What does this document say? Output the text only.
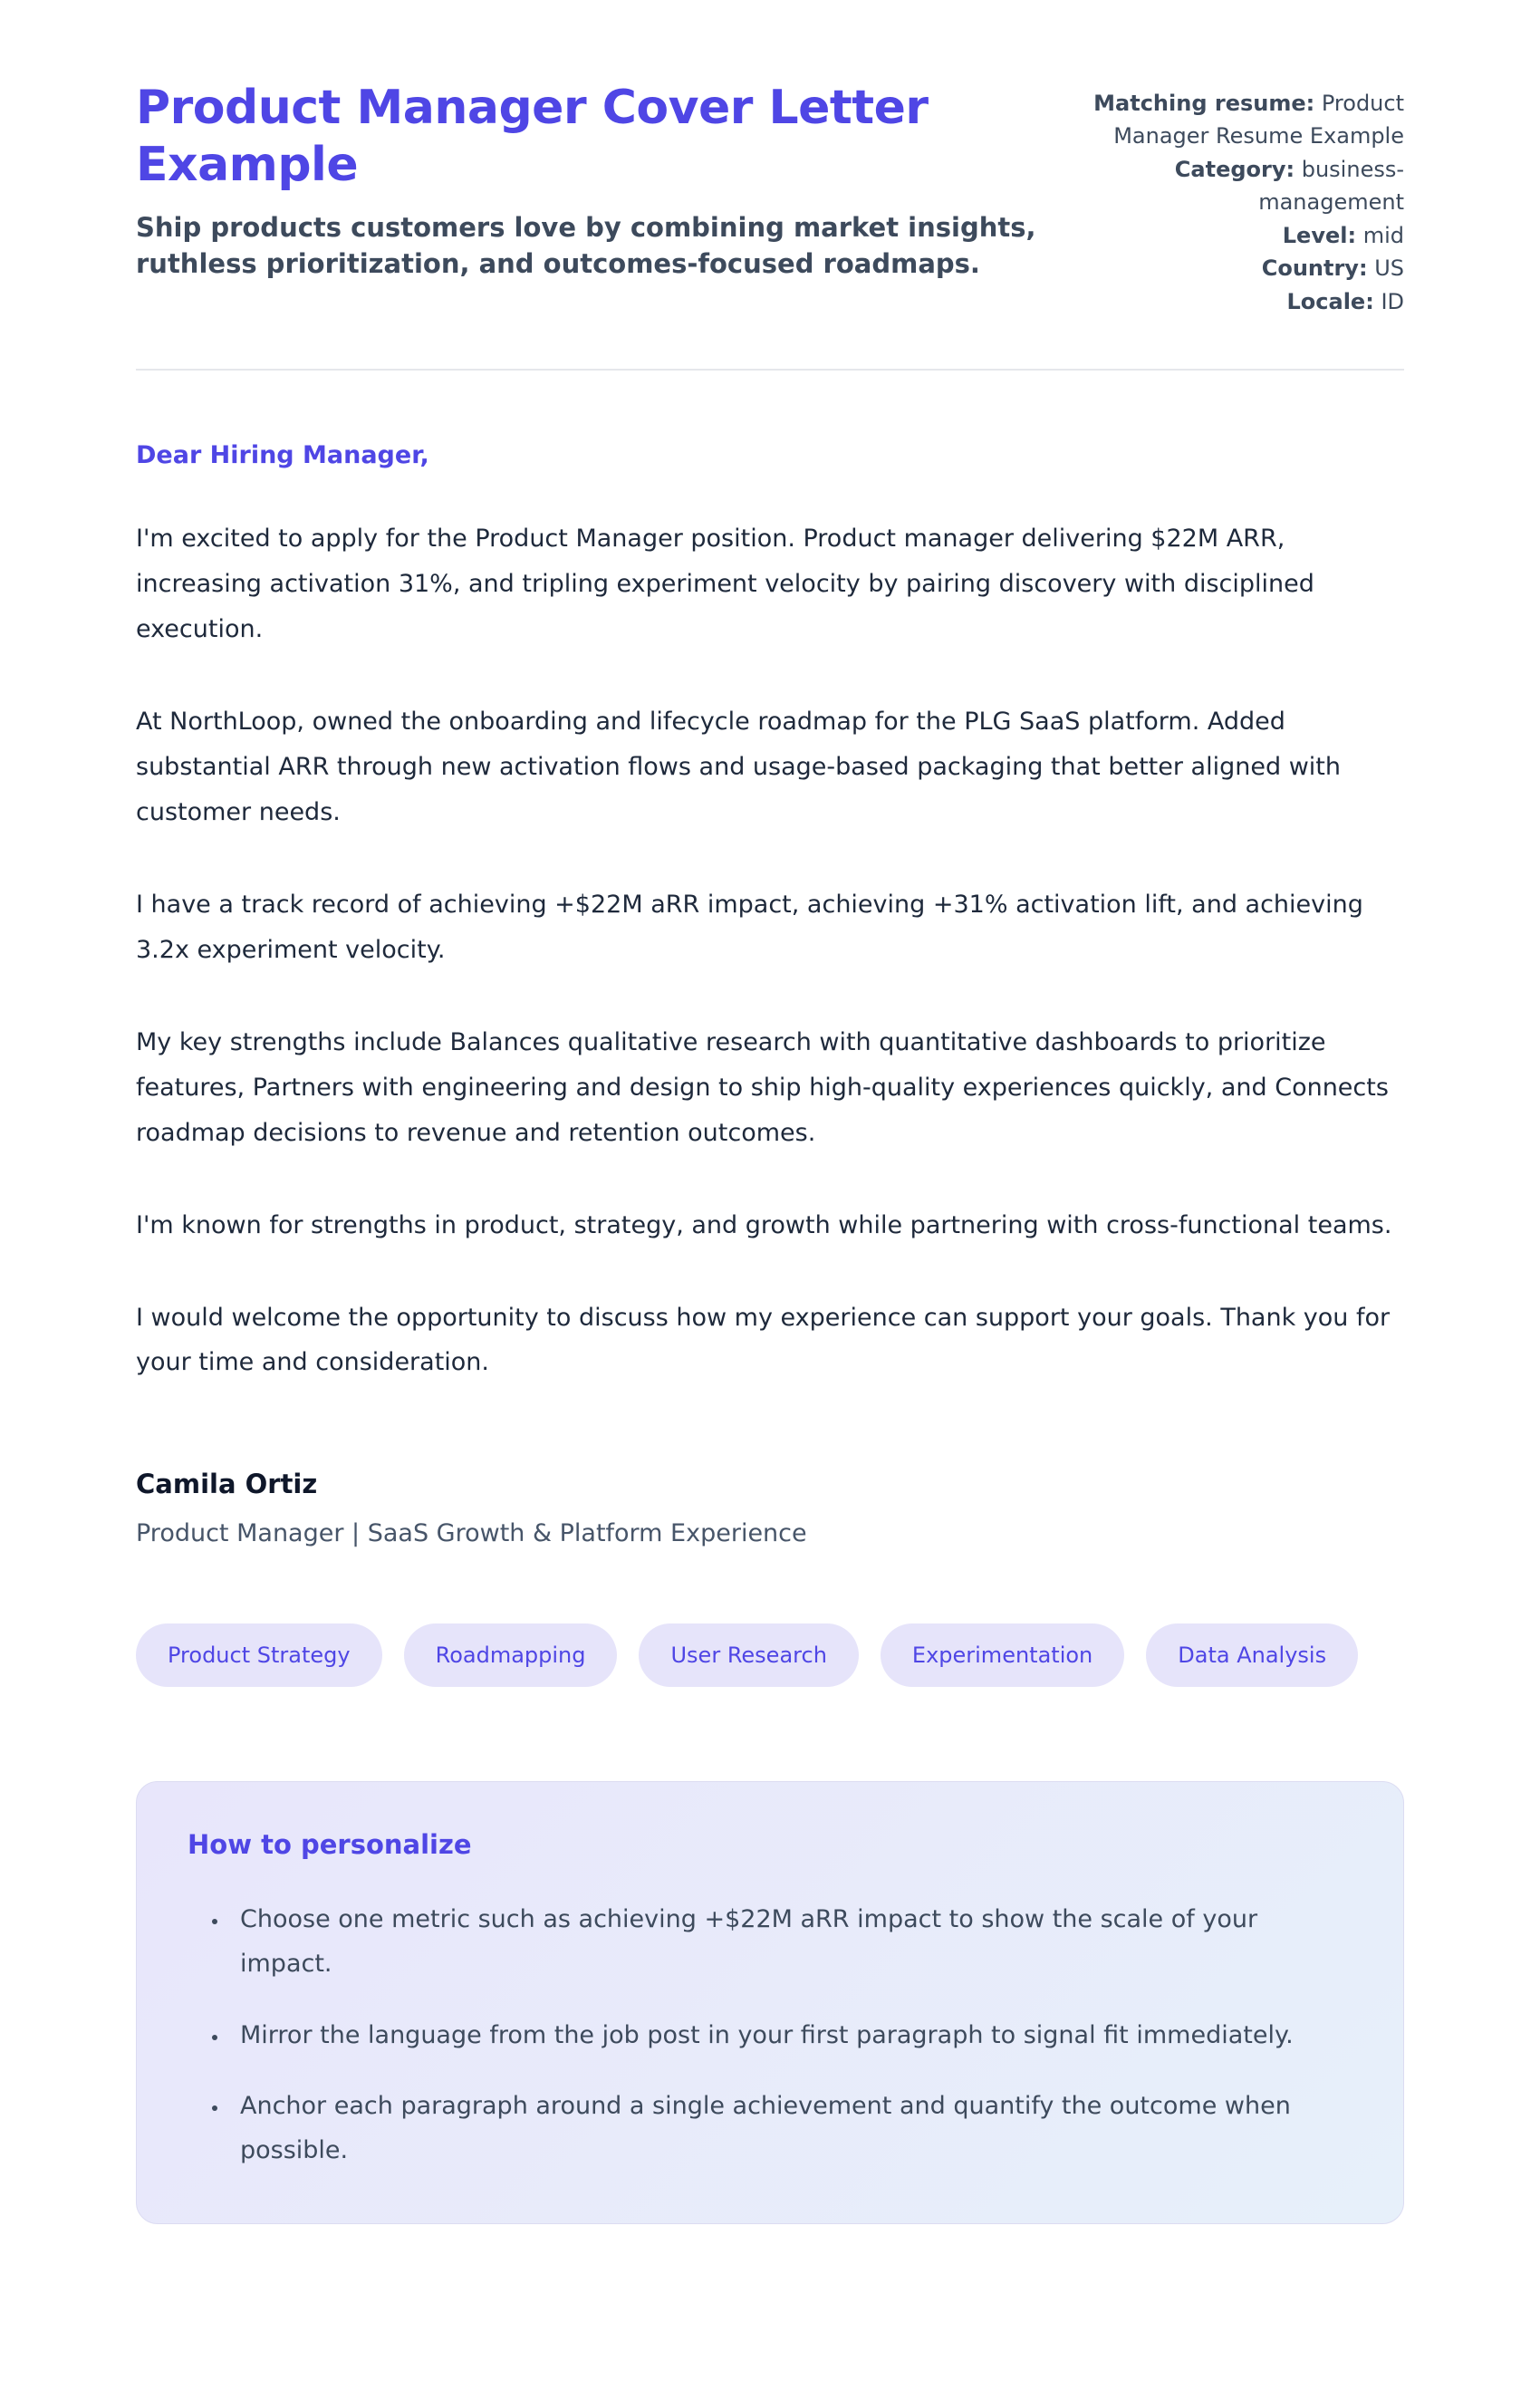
Product Manager Cover Letter Example
Ship products customers love by combining market insights, ruthless prioritization, and outcomes-focused roadmaps.
Matching resume: Product Manager Resume Example
Category: business-management
Level: mid
Country: US
Locale: ID
Dear Hiring Manager,

I'm excited to apply for the Product Manager position. Product manager delivering $22M ARR, increasing activation 31%, and tripling experiment velocity by pairing discovery with disciplined execution.

At NorthLoop, owned the onboarding and lifecycle roadmap for the PLG SaaS platform. Added substantial ARR through new activation flows and usage-based packaging that better aligned with customer needs.

I have a track record of achieving +$22M aRR impact, achieving +31% activation lift, and achieving 3.2x experiment velocity.

My key strengths include Balances qualitative research with quantitative dashboards to prioritize features, Partners with engineering and design to ship high-quality experiences quickly, and Connects roadmap decisions to revenue and retention outcomes.

I'm known for strengths in product, strategy, and growth while partnering with cross-functional teams.

I would welcome the opportunity to discuss how my experience can support your goals. Thank you for your time and consideration.

Camila Ortiz
Product Manager | SaaS Growth & Platform Experience
Product Strategy	Roadmapping	User Research	Experimentation	Data Analysis
How to personalize
• Choose one metric such as achieving +$22M aRR impact to show the scale of your impact.
• Mirror the language from the job post in your first paragraph to signal fit immediately.
• Anchor each paragraph around a single achievement and quantify the outcome when possible.
